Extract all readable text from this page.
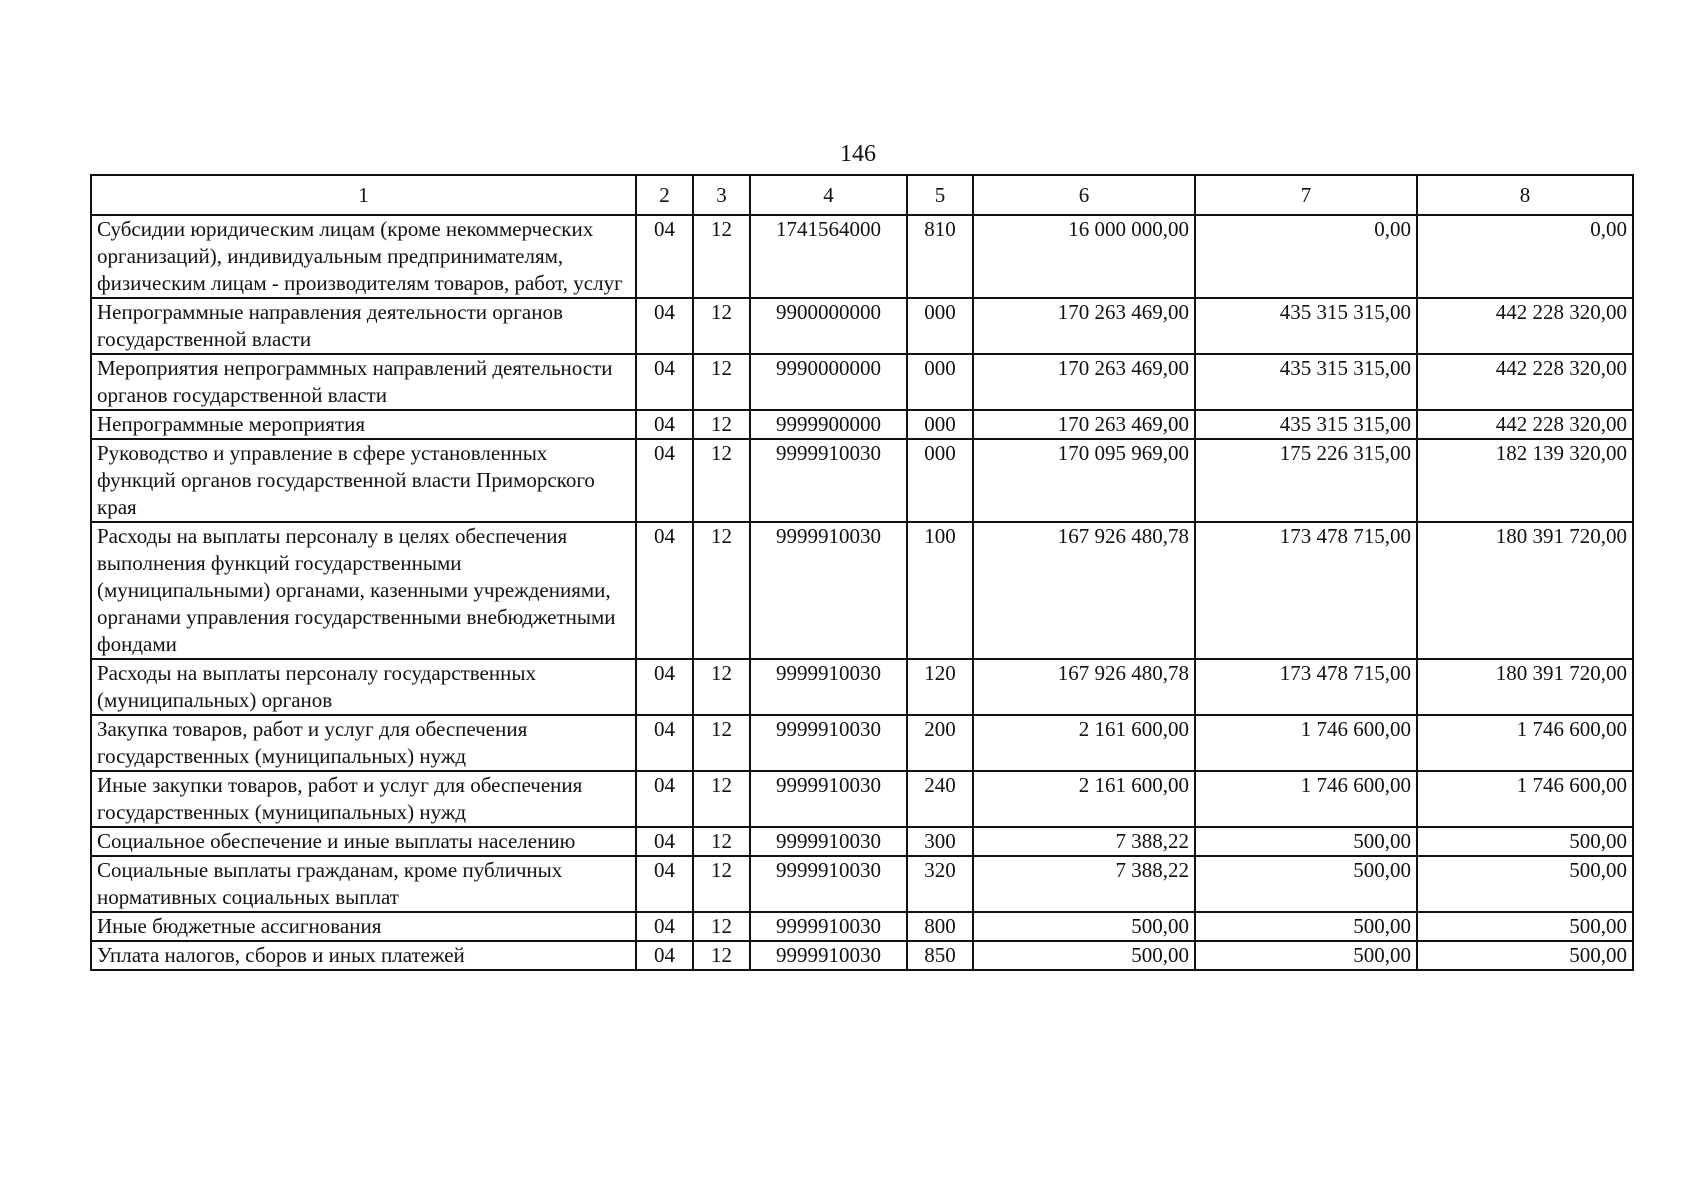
146
1	2	3	4	5	6	7	8
Субсидии юридическим лицам (кроме некоммерческих организаций), индивидуальным предпринимателям, физическим лицам - производителям товаров, работ, услуг	04	12	1741564000	810	16 000 000,00	0,00	0,00
Непрограммные направления деятельности органов государственной власти	04	12	9900000000	000	170 263 469,00	435 315 315,00	442 228 320,00
Мероприятия непрограммных направлений деятельности органов государственной власти	04	12	9990000000	000	170 263 469,00	435 315 315,00	442 228 320,00
Непрограммные мероприятия	04	12	9999900000	000	170 263 469,00	435 315 315,00	442 228 320,00
Руководство и управление в сфере установленных функций органов государственной власти Приморского края	04	12	9999910030	000	170 095 969,00	175 226 315,00	182 139 320,00
Расходы на выплаты персоналу в целях обеспечения выполнения функций государственными (муниципальными) органами, казенными учреждениями, органами управления государственными внебюджетными фондами	04	12	9999910030	100	167 926 480,78	173 478 715,00	180 391 720,00
Расходы на выплаты персоналу государственных (муниципальных) органов	04	12	9999910030	120	167 926 480,78	173 478 715,00	180 391 720,00
Закупка товаров, работ и услуг для обеспечения государственных (муниципальных) нужд	04	12	9999910030	200	2 161 600,00	1 746 600,00	1 746 600,00
Иные закупки товаров, работ и услуг для обеспечения государственных (муниципальных) нужд	04	12	9999910030	240	2 161 600,00	1 746 600,00	1 746 600,00
Социальное обеспечение и иные выплаты населению	04	12	9999910030	300	7 388,22	500,00	500,00
Социальные выплаты гражданам, кроме публичных нормативных социальных выплат	04	12	9999910030	320	7 388,22	500,00	500,00
Иные бюджетные ассигнования	04	12	9999910030	800	500,00	500,00	500,00
Уплата налогов, сборов и иных платежей	04	12	9999910030	850	500,00	500,00	500,00
